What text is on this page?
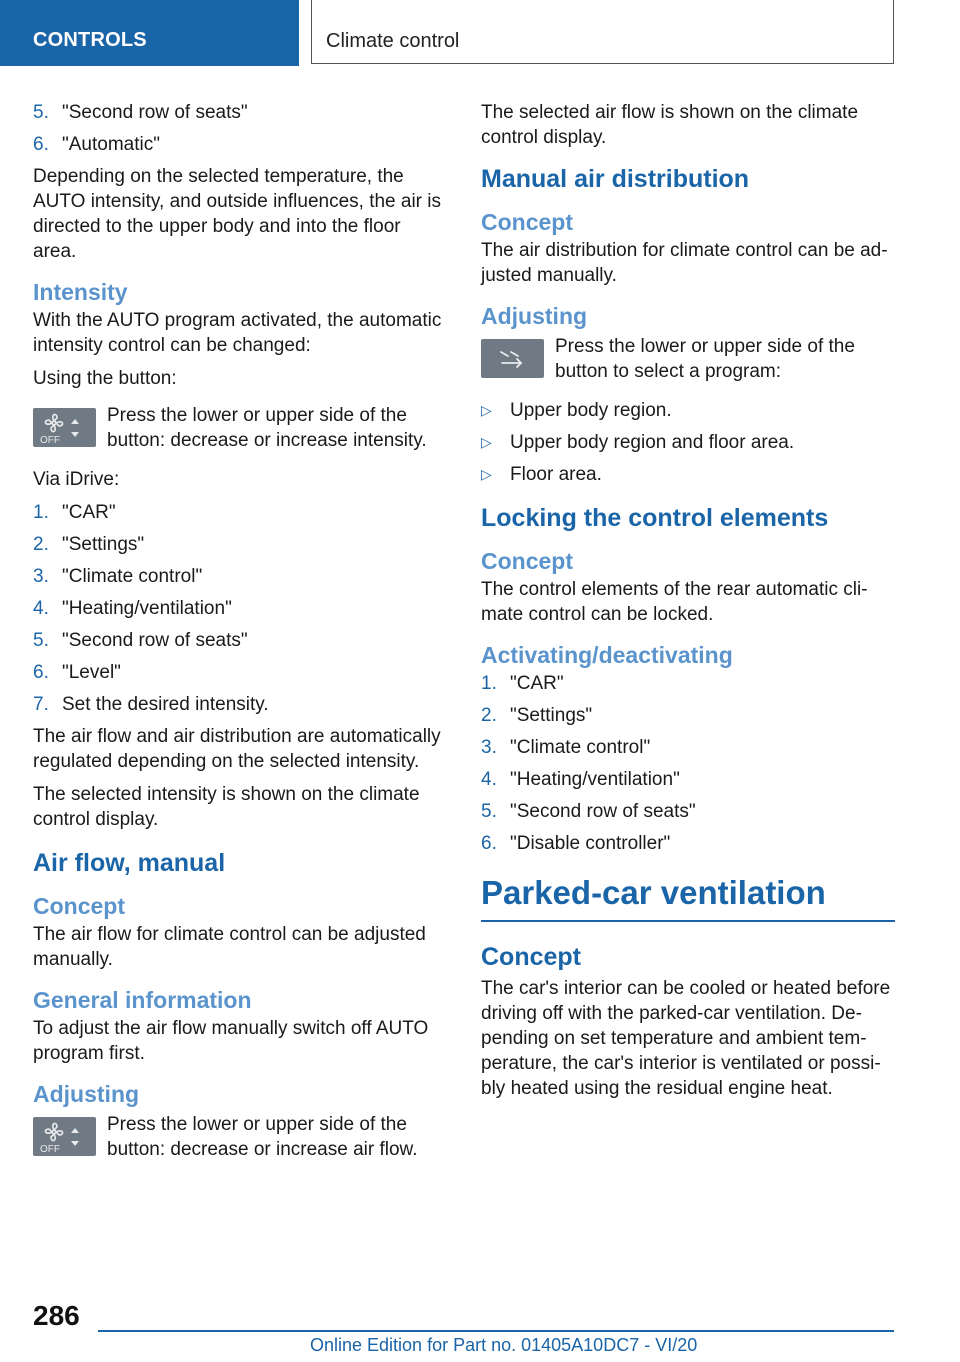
CONTROLS	Climate control
5. "Second row of seats"
6. "Automatic"

Depending on the selected temperature, the AUTO intensity, and outside influences, the air is directed to the upper body and into the floor area.

Intensity

With the AUTO program activated, the automatic intensity control can be changed:

Using the button:

OFF
Press the lower or upper side of the button: decrease or increase intensity.

Via iDrive:

1. "CAR"
2. "Settings"
3. "Climate control"
4. "Heating/ventilation"
5. "Second row of seats"
6. "Level"
7. Set the desired intensity.

The air flow and air distribution are automatically regulated depending on the selected intensity.

The selected intensity is shown on the climate control display.

Air flow, manual
Concept

The air flow for climate control can be adjusted manually.

General information

To adjust the air flow manually switch off AUTO program first.

Adjusting
OFF
Press the lower or upper side of the button: decrease or increase air flow.

The selected air flow is shown on the climate control display.

Manual air distribution
Concept

The air distribution for climate control can be adjusted manually.

Adjusting
Press the lower or upper side of the button to select a program:
▷ Upper body region.
▷ Upper body region and floor area.
▷ Floor area.
Locking the control elements
Concept

The control elements of the rear automatic climate control can be locked.

Activating/deactivating
1. "CAR"
2. "Settings"
3. "Climate control"
4. "Heating/ventilation"
5. "Second row of seats"
6. "Disable controller"
Parked-car ventilation
Concept

The car's interior can be cooled or heated before driving off with the parked-car ventilation. Depending on set temperature and ambient temperature, the car's interior is ventilated or possibly heated using the residual engine heat.

286
Online Edition for Part no. 01405A10DC7 - VI/20
